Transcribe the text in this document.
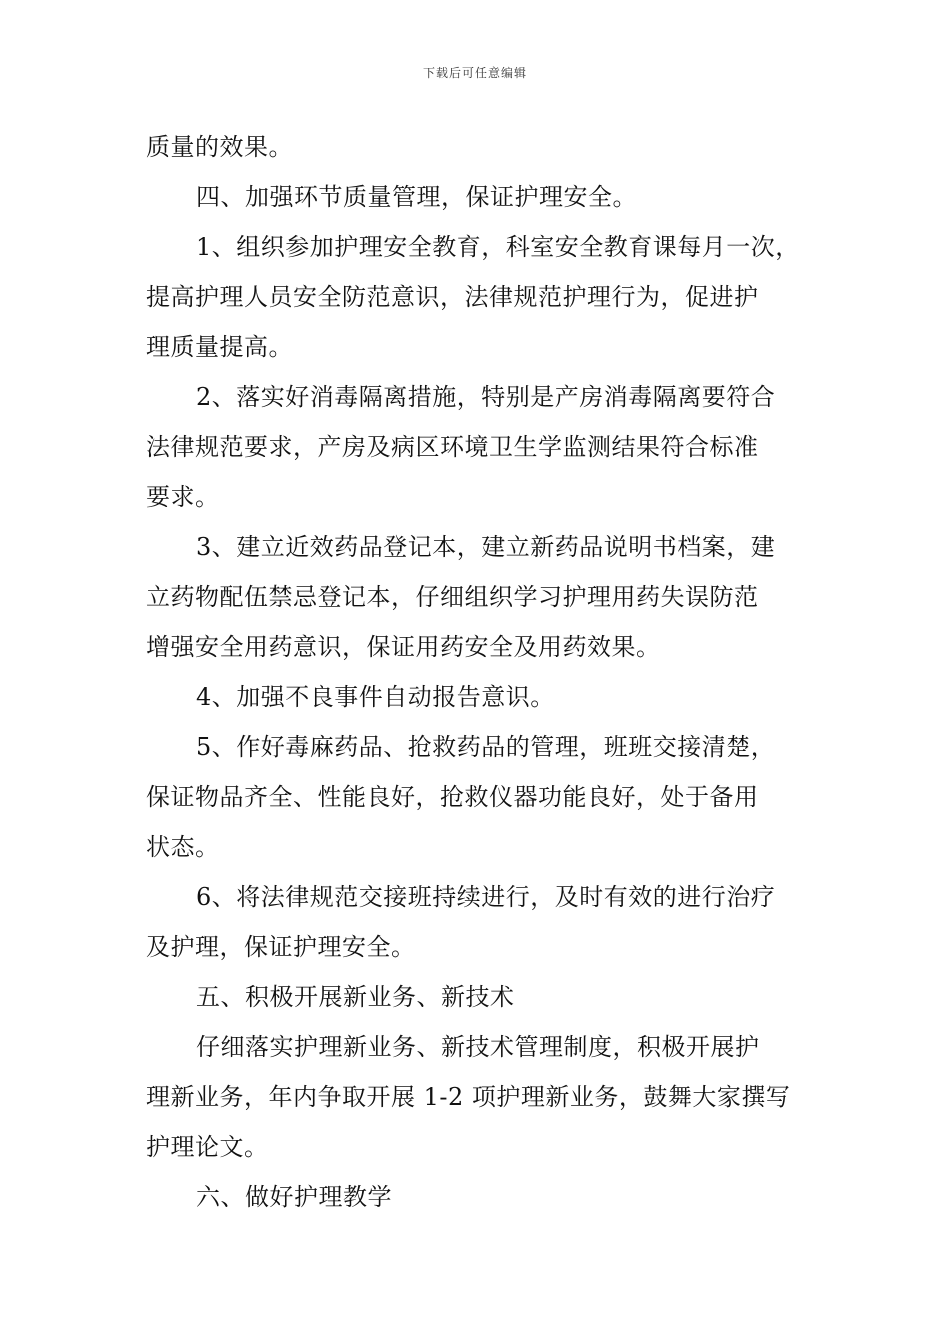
下载后可任意编辑
质量的效果。
四、加强环节质量管理，保证护理安全。
1、组织参加护理安全教育，科室安全教育课每月一次，
提高护理人员安全防范意识，法律规范护理行为，促进护
理质量提高。
2、落实好消毒隔离措施，特别是产房消毒隔离要符合
法律规范要求，产房及病区环境卫生学监测结果符合标准
要求。
3、建立近效药品登记本，建立新药品说明书档案，建
立药物配伍禁忌登记本，仔细组织学习护理用药失误防范
增强安全用药意识，保证用药安全及用药效果。
4、加强不良事件自动报告意识。
5、作好毒麻药品、抢救药品的管理，班班交接清楚，
保证物品齐全、性能良好，抢救仪器功能良好，处于备用
状态。
6、将法律规范交接班持续进行，及时有效的进行治疗
及护理，保证护理安全。
五、积极开展新业务、新技术
仔细落实护理新业务、新技术管理制度，积极开展护
理新业务，年内争取开展 1-2 项护理新业务，鼓舞大家撰写
护理论文。
六、做好护理教学
